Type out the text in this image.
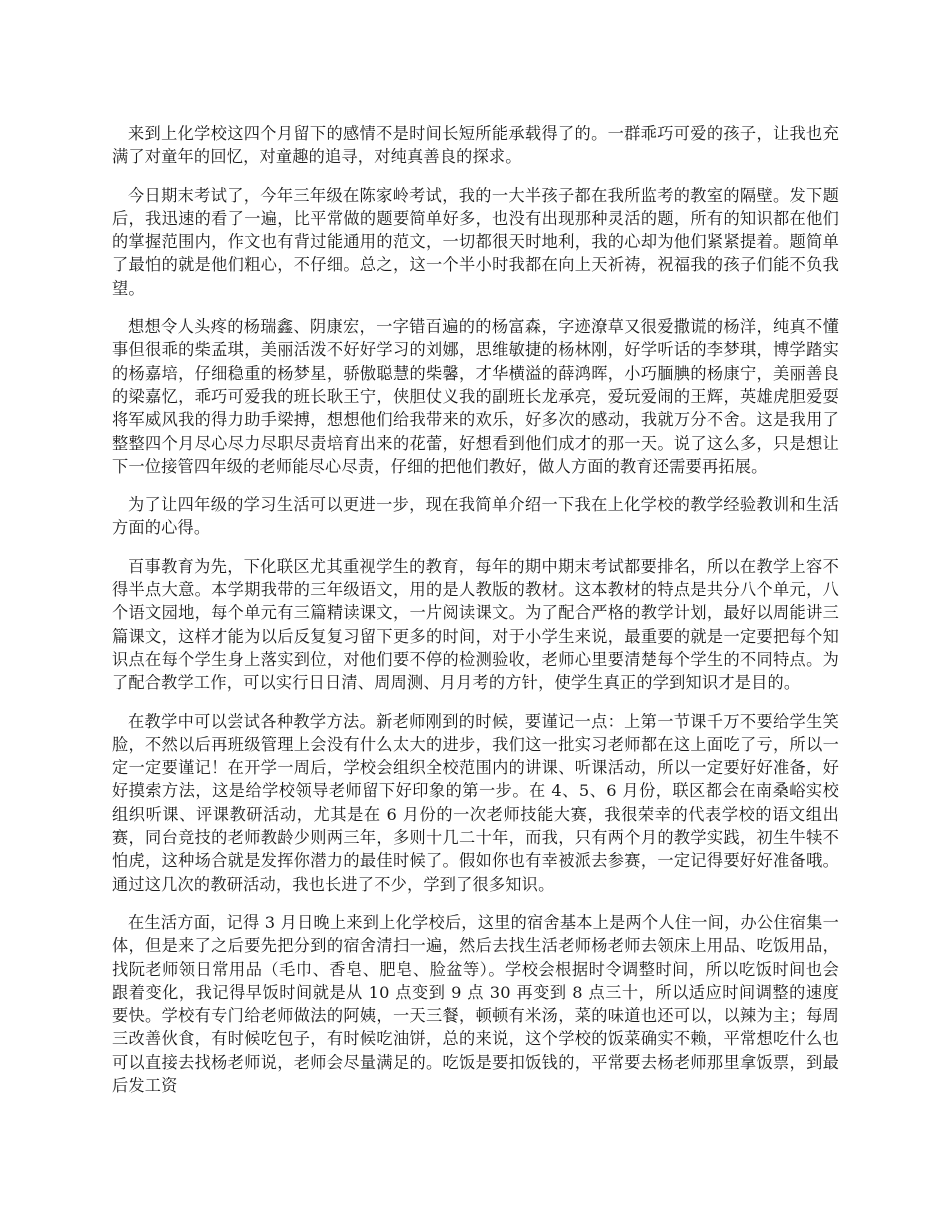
来到上化学校这四个月留下的感情不是时间长短所能承载得了的。一群乖巧可爱的孩子，让我也充满了对童年的回忆，对童趣的追寻，对纯真善良的探求。

今日期末考试了，今年三年级在陈家岭考试，我的一大半孩子都在我所监考的教室的隔壁。发下题后，我迅速的看了一遍，比平常做的题要简单好多，也没有出现那种灵活的题，所有的知识都在他们的掌握范围内，作文也有背过能通用的范文，一切都很天时地利，我的心却为他们紧紧提着。题简单了最怕的就是他们粗心，不仔细。总之，这一个半小时我都在向上天祈祷，祝福我的孩子们能不负我望。

想想令人头疼的杨瑞鑫、阴康宏，一字错百遍的的杨富森，字迹潦草又很爱撒谎的杨洋，纯真不懂事但很乖的柴孟琪，美丽活泼不好好学习的刘娜，思维敏捷的杨林刚，好学听话的李梦琪，博学踏实的杨嘉培，仔细稳重的杨梦星，骄傲聪慧的柴馨，才华横溢的薛鸿晖，小巧腼腆的杨康宁，美丽善良的梁嘉忆，乖巧可爱我的班长耿王宁，侠胆仗义我的副班长龙承亮，爱玩爱闹的王辉，英雄虎胆爱耍将军威风我的得力助手梁搏，想想他们给我带来的欢乐，好多次的感动，我就万分不舍。这是我用了整整四个月尽心尽力尽职尽责培育出来的花蕾，好想看到他们成才的那一天。说了这么多，只是想让下一位接管四年级的老师能尽心尽责，仔细的把他们教好，做人方面的教育还需要再拓展。

为了让四年级的学习生活可以更进一步，现在我简单介绍一下我在上化学校的教学经验教训和生活方面的心得。

百事教育为先，下化联区尤其重视学生的教育，每年的期中期末考试都要排名，所以在教学上容不得半点大意。本学期我带的三年级语文，用的是人教版的教材。这本教材的特点是共分八个单元，八个语文园地，每个单元有三篇精读课文，一片阅读课文。为了配合严格的教学计划，最好以周能讲三篇课文，这样才能为以后反复复习留下更多的时间，对于小学生来说，最重要的就是一定要把每个知识点在每个学生身上落实到位，对他们要不停的检测验收，老师心里要清楚每个学生的不同特点。为了配合教学工作，可以实行日日清、周周测、月月考的方针，使学生真正的学到知识才是目的。

在教学中可以尝试各种教学方法。新老师刚到的时候，要谨记一点：上第一节课千万不要给学生笑脸，不然以后再班级管理上会没有什么太大的进步，我们这一批实习老师都在这上面吃了亏，所以一定一定要谨记！在开学一周后，学校会组织全校范围内的讲课、听课活动，所以一定要好好准备，好好摸索方法，这是给学校领导老师留下好印象的第一步。在 4、5、6 月份，联区都会在南桑峪实校组织听课、评课教研活动，尤其是在 6 月份的一次老师技能大赛，我很荣幸的代表学校的语文组出赛，同台竞技的老师教龄少则两三年，多则十几二十年，而我，只有两个月的教学实践，初生牛犊不怕虎，这种场合就是发挥你潜力的最佳时候了。假如你也有幸被派去参赛，一定记得要好好准备哦。通过这几次的教研活动，我也长进了不少，学到了很多知识。

在生活方面，记得 3 月日晚上来到上化学校后，这里的宿舍基本上是两个人住一间，办公住宿集一体，但是来了之后要先把分到的宿舍清扫一遍，然后去找生活老师杨老师去领床上用品、吃饭用品，找阮老师领日常用品（毛巾、香皂、肥皂、脸盆等）。学校会根据时令调整时间，所以吃饭时间也会跟着变化，我记得早饭时间就是从 10 点变到 9 点 30 再变到 8 点三十，所以适应时间调整的速度要快。学校有专门给老师做法的阿姨，一天三餐，顿顿有米汤，菜的味道也还可以，以辣为主；每周三改善伙食，有时候吃包子，有时候吃油饼，总的来说，这个学校的饭菜确实不赖，平常想吃什么也可以直接去找杨老师说，老师会尽量满足的。吃饭是要扣饭钱的，平常要去杨老师那里拿饭票，到最后发工资
